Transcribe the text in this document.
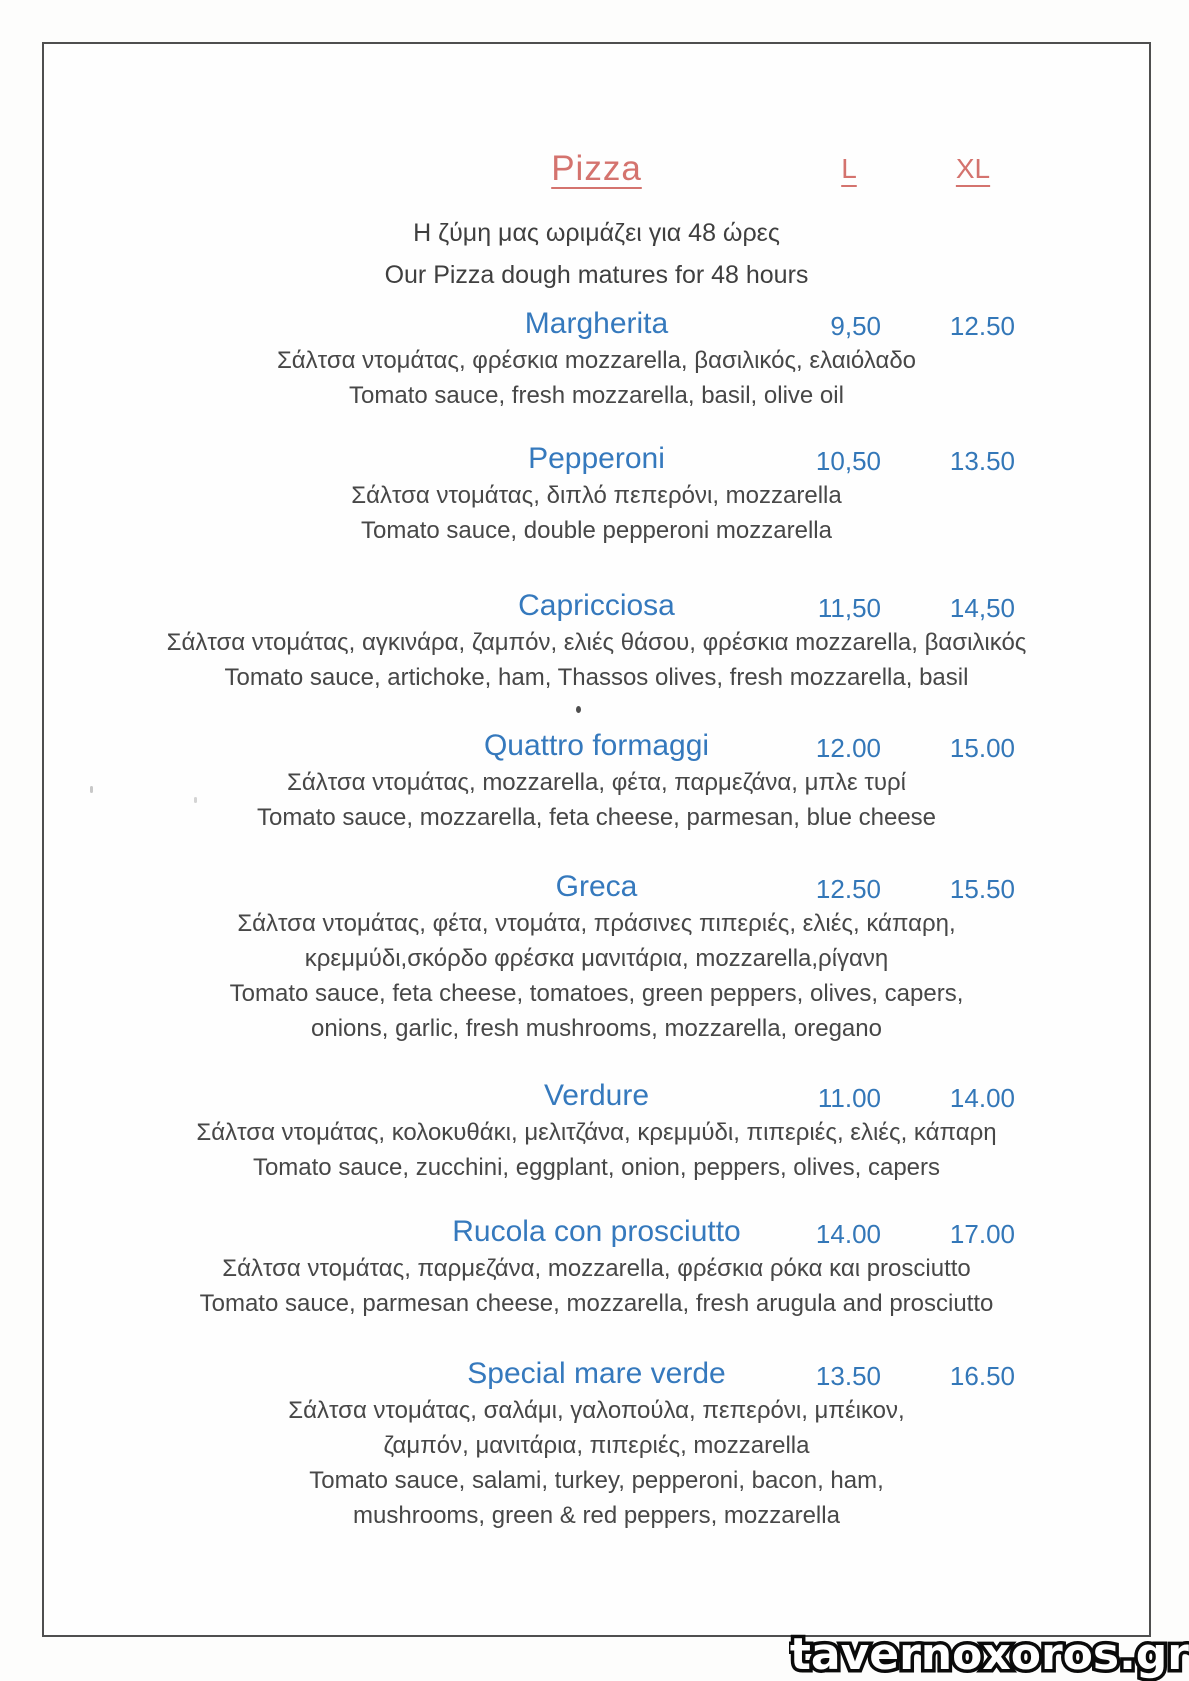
Pizza	L	XL
Η ζύμη μας ωριμάζει για 48 ώρες
Our Pizza dough matures for 48 hours
Margherita	9,50	12.50
Σάλτσα ντομάτας, φρέσκια mozzarella, βασιλικός, ελαιόλαδο
Tomato sauce, fresh mozzarella, basil, olive oil
Pepperoni	10,50	13.50
Σάλτσα ντομάτας, διπλό πεπερόνι, mozzarella
Tomato sauce, double pepperoni mozzarella
Capricciosa	11,50	14,50
Σάλτσα ντομάτας, αγκινάρα, ζαμπόν, ελιές θάσου, φρέσκια mozzarella, βασιλικός
Tomato sauce, artichoke, ham, Thassos olives, fresh mozzarella, basil
Quattro formaggi	12.00	15.00
Σάλτσα ντομάτας, mozzarella, φέτα, παρμεζάνα, μπλε τυρί
Tomato sauce, mozzarella, feta cheese, parmesan, blue cheese
Greca	12.50	15.50
Σάλτσα ντομάτας, φέτα, ντομάτα, πράσινες πιπεριές, ελιές, κάπαρη,
κρεμμύδι,σκόρδο φρέσκα μανιτάρια, mozzarella,ρίγανη
Tomato sauce, feta cheese, tomatoes, green peppers, olives, capers,
onions, garlic, fresh mushrooms, mozzarella, oregano
Verdure	11.00	14.00
Σάλτσα ντομάτας, κολοκυθάκι, μελιτζάνα, κρεμμύδι, πιπεριές, ελιές, κάπαρη
Tomato sauce, zucchini, eggplant, onion, peppers, olives, capers
Rucola con prosciutto	14.00	17.00
Σάλτσα ντομάτας, παρμεζάνα, mozzarella, φρέσκια ρόκα και prosciutto
Tomato sauce, parmesan cheese, mozzarella, fresh arugula and prosciutto
Special mare verde	13.50	16.50
Σάλτσα ντομάτας, σαλάμι, γαλοπούλα, πεπερόνι, μπέικον,
ζαμπόν, μανιτάρια, πιπεριές, mozzarella
Tomato sauce, salami, turkey, pepperoni, bacon, ham,
mushrooms, green & red peppers, mozzarella
tavernoxoros.gr
